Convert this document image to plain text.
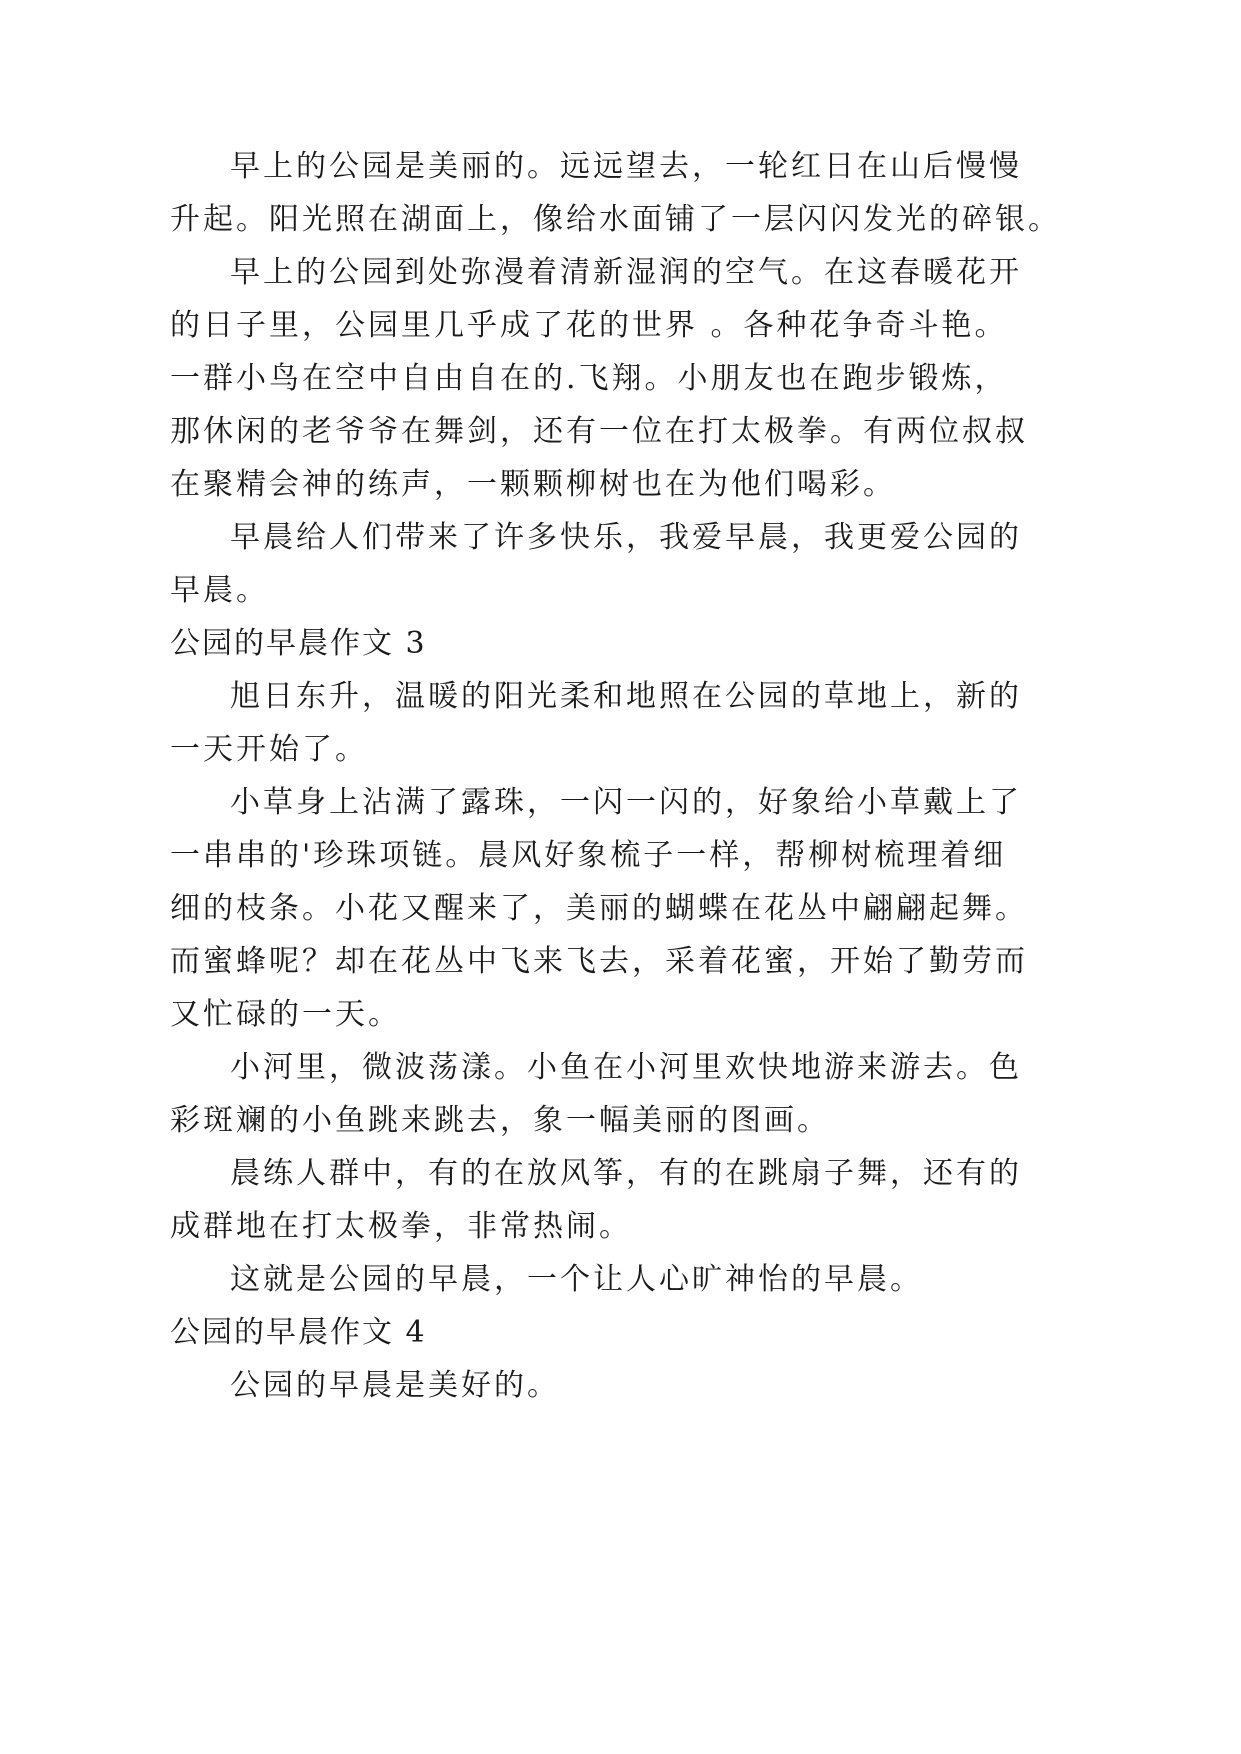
早上的公园是美丽的。远远望去，一轮红日在山后慢慢
升起。阳光照在湖面上，像给水面铺了一层闪闪发光的碎银。
早上的公园到处弥漫着清新湿润的空气。在这春暖花开
的日子里，公园里几乎成了花的世界 。各种花争奇斗艳。
一群小鸟在空中自由自在的.飞翔。小朋友也在跑步锻炼，
那休闲的老爷爷在舞剑，还有一位在打太极拳。有两位叔叔
在聚精会神的练声，一颗颗柳树也在为他们喝彩。
早晨给人们带来了许多快乐，我爱早晨，我更爱公园的
早晨。
公园的早晨作文 3
旭日东升，温暖的阳光柔和地照在公园的草地上，新的
一天开始了。
小草身上沾满了露珠，一闪一闪的，好象给小草戴上了
一串串的'珍珠项链。晨风好象梳子一样，帮柳树梳理着细
细的枝条。小花又醒来了，美丽的蝴蝶在花丛中翩翩起舞。
而蜜蜂呢？却在花丛中飞来飞去，采着花蜜，开始了勤劳而
又忙碌的一天。
小河里，微波荡漾。小鱼在小河里欢快地游来游去。色
彩斑斓的小鱼跳来跳去，象一幅美丽的图画。
晨练人群中，有的在放风筝，有的在跳扇子舞，还有的
成群地在打太极拳，非常热闹。
这就是公园的早晨，一个让人心旷神怡的早晨。
公园的早晨作文 4
公园的早晨是美好的。
